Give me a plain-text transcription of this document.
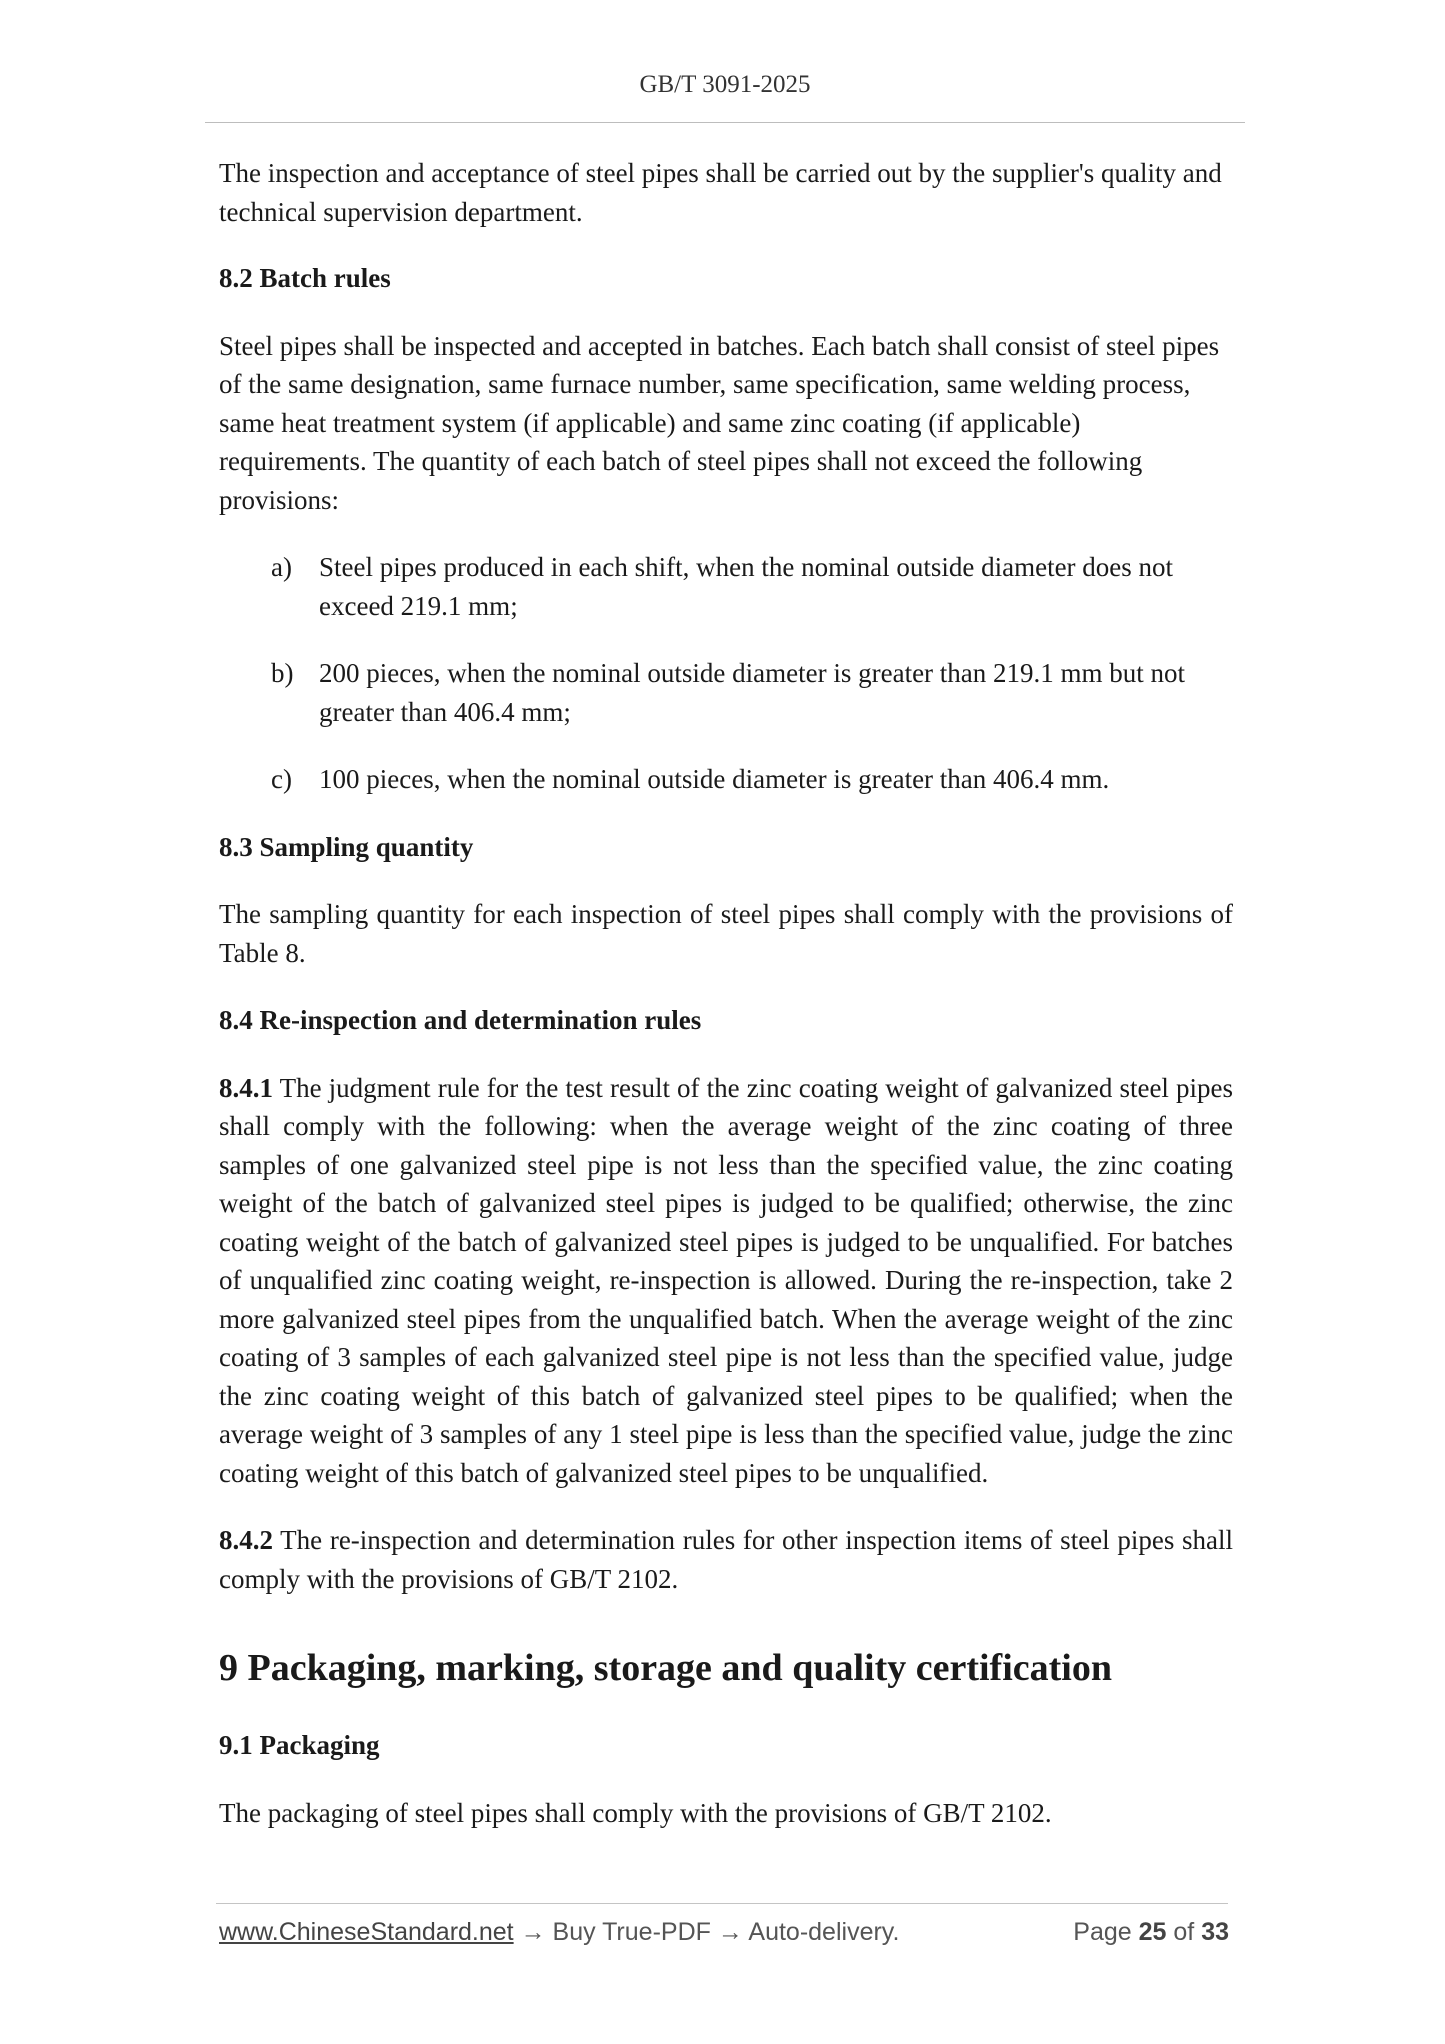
GB/T 3091-2025

The inspection and acceptance of steel pipes shall be carried out by the supplier's quality and technical supervision department.

8.2 Batch rules

Steel pipes shall be inspected and accepted in batches. Each batch shall consist of steel pipes of the same designation, same furnace number, same specification, same welding process, same heat treatment system (if applicable) and same zinc coating (if applicable) requirements. The quantity of each batch of steel pipes shall not exceed the following provisions:

a)	Steel pipes produced in each shift, when the nominal outside diameter does not exceed 219.1 mm;
b) 200 pieces, when the nominal outside diameter is greater than 219.1 mm but not greater than 406.4 mm;
c)	100 pieces, when the nominal outside diameter is greater than 406.4 mm.
8.3 Sampling quantity

The sampling quantity for each inspection of steel pipes shall comply with the provisions of Table 8.

8.4 Re-inspection and determination rules

8.4.1 The judgment rule for the test result of the zinc coating weight of galvanized steel pipes shall comply with the following: when the average weight of the zinc coating of three samples of one galvanized steel pipe is not less than the specified value, the zinc coating weight of the batch of galvanized steel pipes is judged to be qualified; otherwise, the zinc coating weight of the batch of galvanized steel pipes is judged to be unqualified. For batches of unqualified zinc coating weight, re-inspection is allowed. During the re-inspection, take 2 more galvanized steel pipes from the unqualified batch. When the average weight of the zinc coating of 3 samples of each galvanized steel pipe is not less than the specified value, judge the zinc coating weight of this batch of galvanized steel pipes to be qualified; when the average weight of 3 samples of any 1 steel pipe is less than the specified value, judge the zinc coating weight of this batch of galvanized steel pipes to be unqualified.

8.4.2 The re-inspection and determination rules for other inspection items of steel pipes shall comply with the provisions of GB/T 2102.

9 Packaging, marking, storage and quality certification
9.1 Packaging

The packaging of steel pipes shall comply with the provisions of GB/T 2102.

www.ChineseStandard.net → Buy True-PDF → Auto-delivery.	Page 25 of 33
